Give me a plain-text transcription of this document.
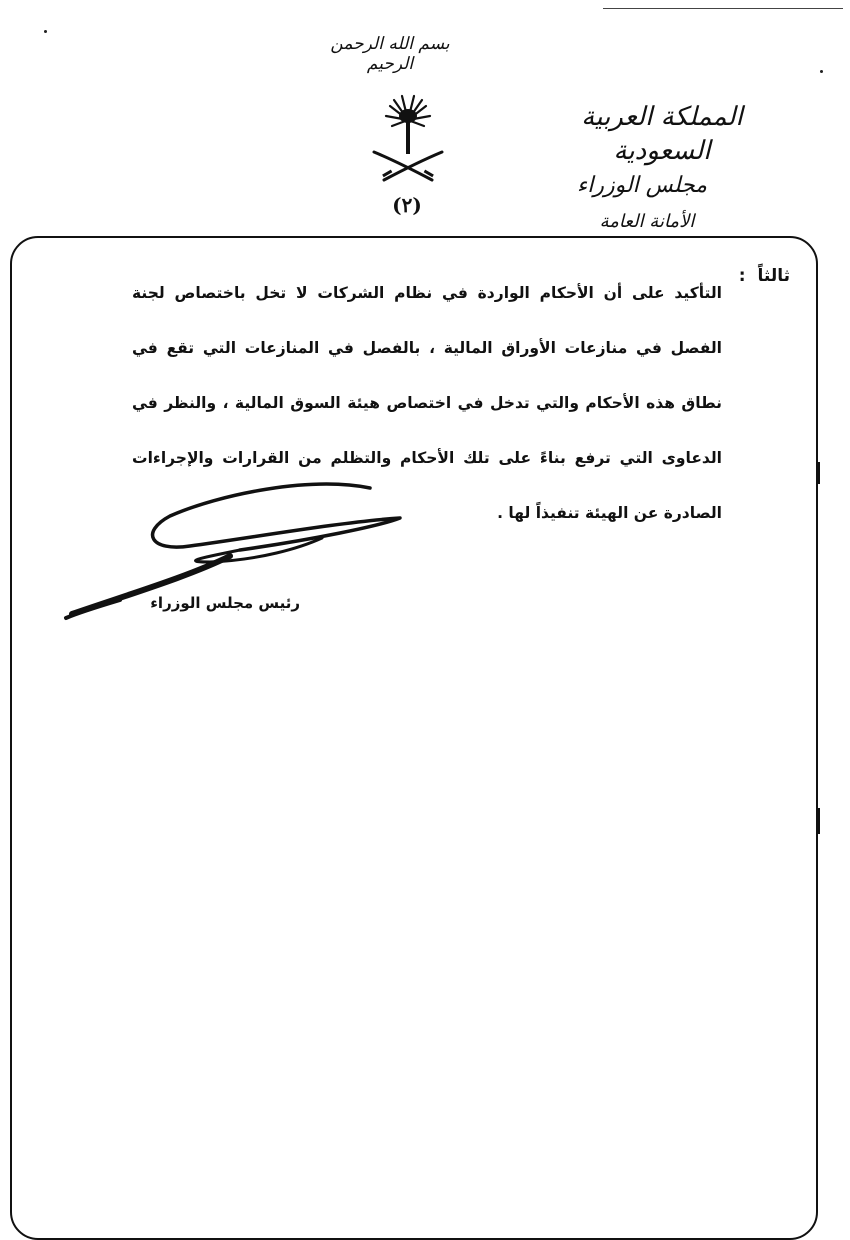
بسم الله الرحمن الرحيم
(٢)
المملكة العربية السعودية
مجلس الوزراء
الأمانة العامة
ثالثاً:

التأكيد على أن الأحكام الواردة في نظام الشركات لا تخل باختصاص لجنة الفصل في منازعات الأوراق المالية ، بالفصل في المنازعات التي تقع في نطاق هذه الأحكام والتي تدخل في اختصاص هيئة السوق المالية ، والنظر في الدعاوى التي ترفع بناءً على تلك الأحكام والتظلم من القرارات والإجراءات الصادرة عن الهيئة تنفيذاً لها .

رئيس مجلس الوزراء
